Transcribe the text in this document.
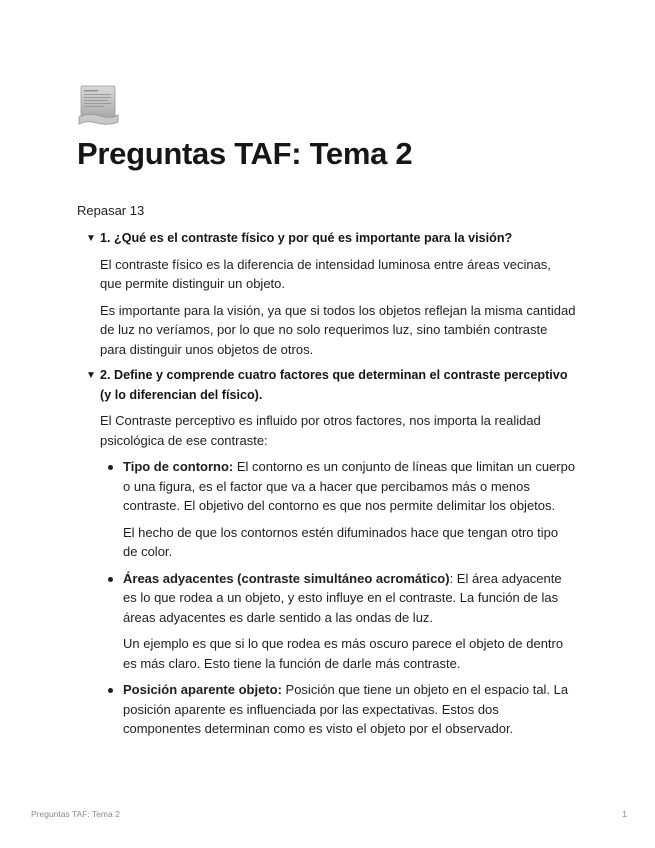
Preguntas TAF: Tema 2
Repasar 13
▼ 1. ¿Qué es el contraste físico y por qué es importante para la visión?

El contraste físico es la diferencia de intensidad luminosa entre áreas vecinas, que permite distinguir un objeto.

Es importante para la visión, ya que si todos los objetos reflejan la misma cantidad de luz no veríamos, por lo que no solo requerimos luz, sino también contraste para distinguir unos objetos de otros.

▼ 2. Define y comprende cuatro factores que determinan el contraste perceptivo (y lo diferencian del físico).

El Contraste perceptivo es influido por otros factores, nos importa la realidad psicológica de ese contraste:

Tipo de contorno: El contorno es un conjunto de líneas que limitan un cuerpo o una figura, es el factor que va a hacer que percibamos más o menos contraste. El objetivo del contorno es que nos permite delimitar los objetos.
El hecho de que los contornos estén difuminados hace que tengan otro tipo de color.
Áreas adyacentes (contraste simultáneo acromático): El área adyacente es lo que rodea a un objeto, y esto influye en el contraste. La función de las áreas adyacentes es darle sentido a las ondas de luz.
Un ejemplo es que si lo que rodea es más oscuro parece el objeto de dentro es más claro. Esto tiene la función de darle más contraste.
Posición aparente objeto: Posición que tiene un objeto en el espacio tal. La posición aparente es influenciada por las expectativas. Estos dos componentes determinan como es visto el objeto por el observador.
Preguntas TAF: Tema 2	1
